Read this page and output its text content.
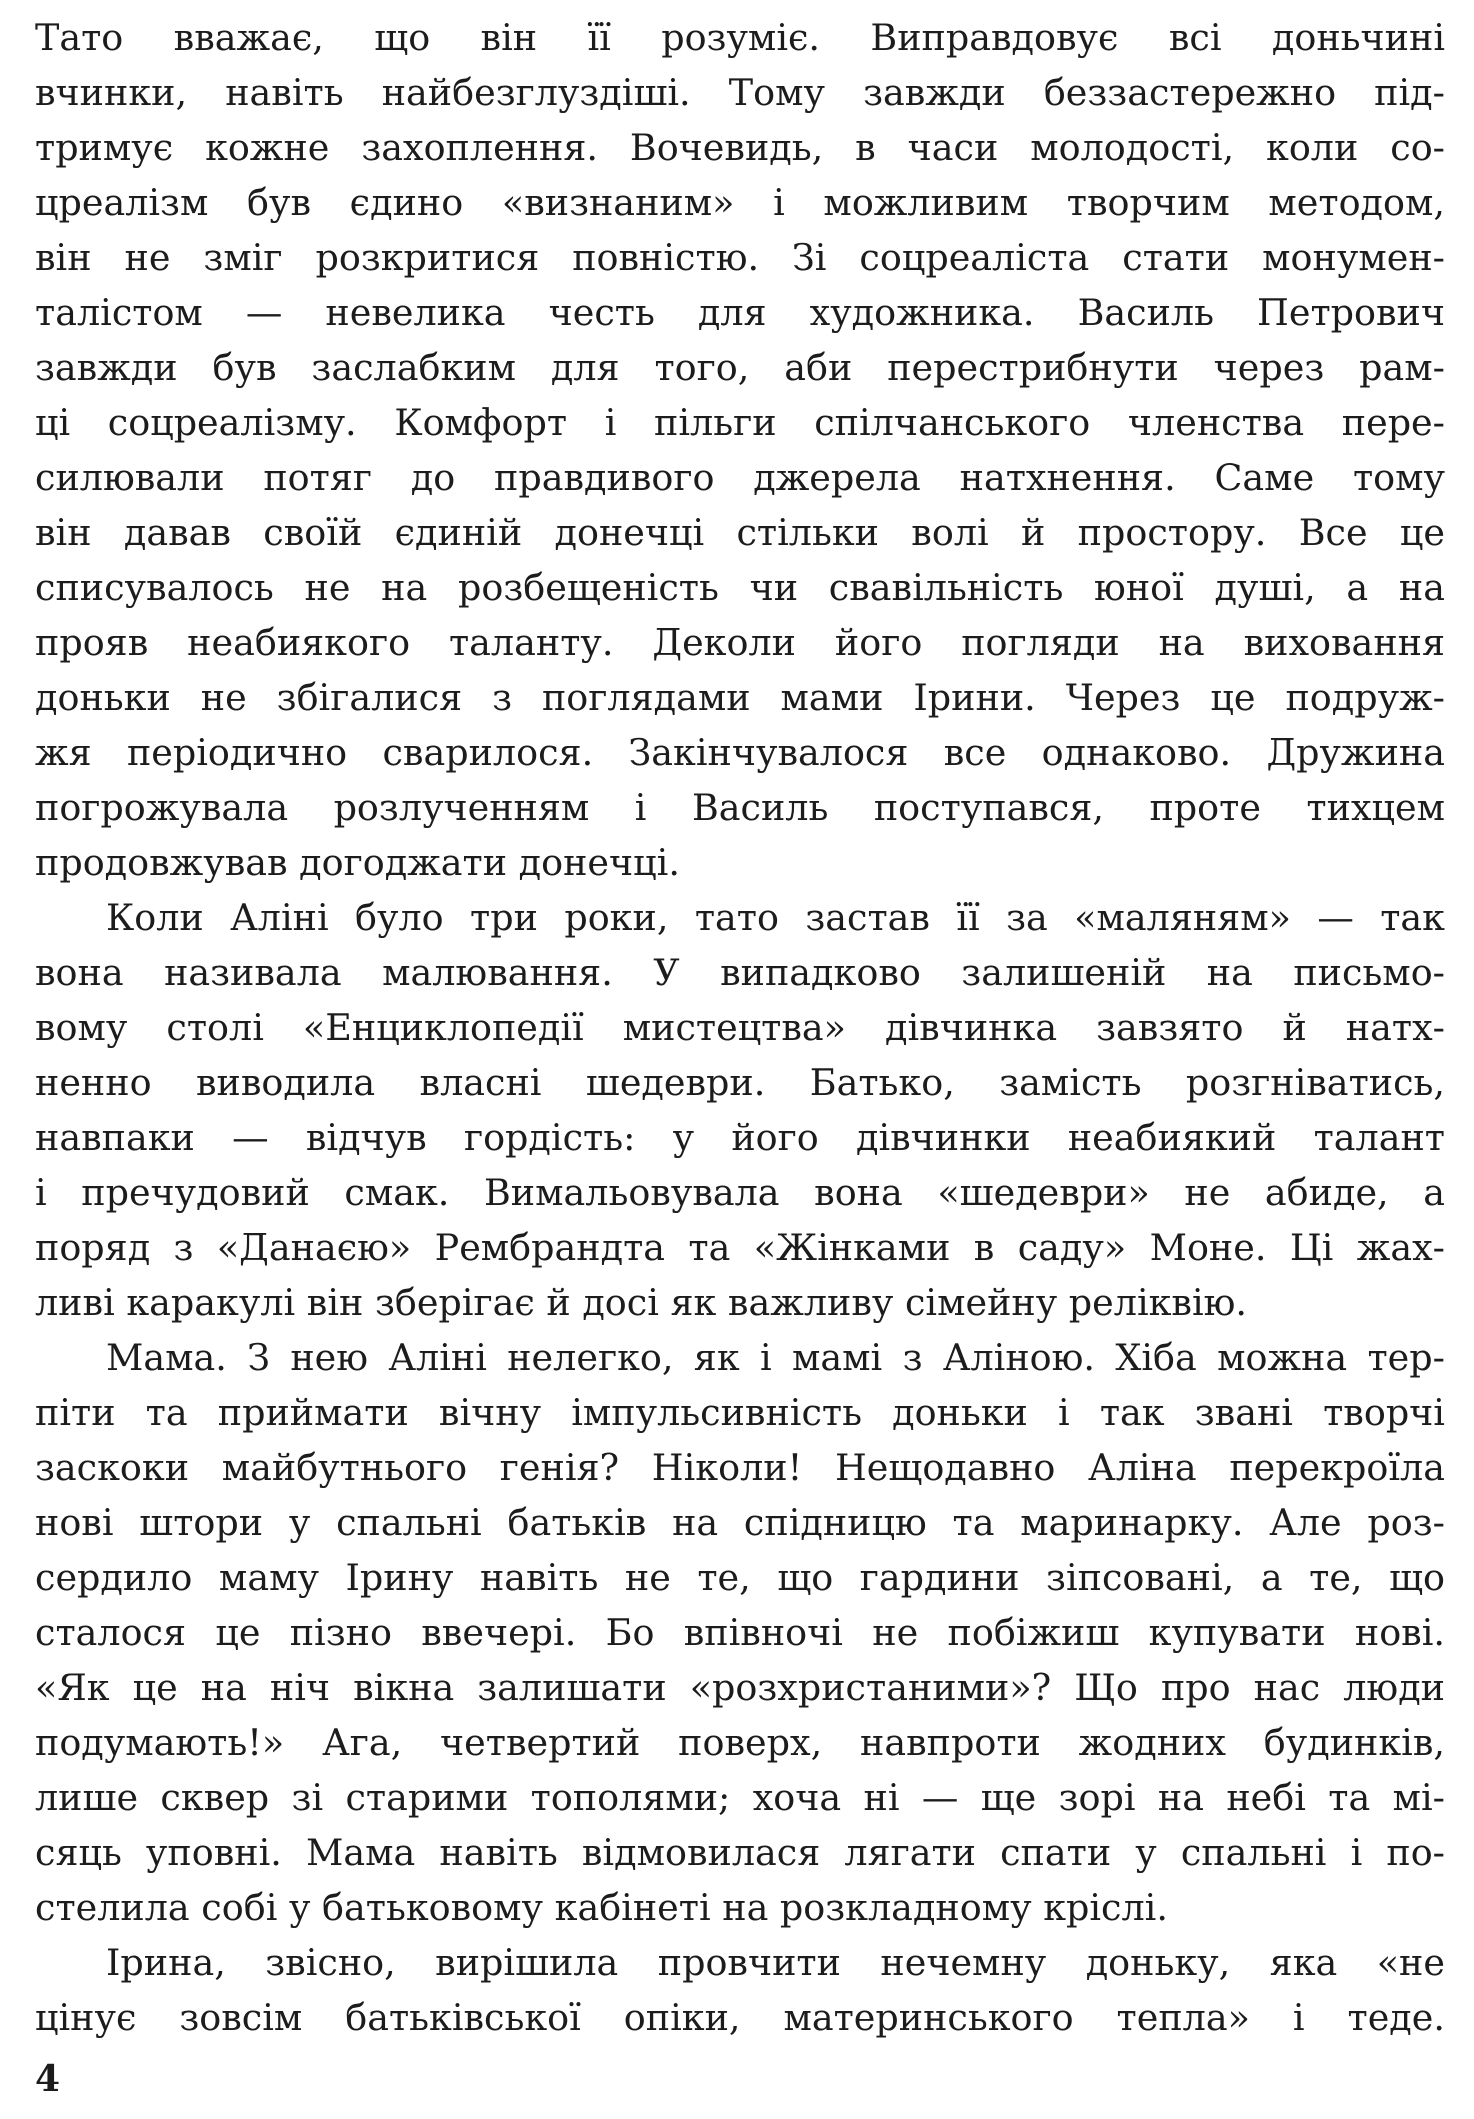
Тато вважає, що він її розуміє. Виправдовує всі доньчині
вчинки, навіть найбезглуздіші. Тому завжди беззастережно під-
тримує кожне захоплення. Вочевидь, в часи молодості, коли со-
цреалізм був єдино «визнаним» і можливим творчим методом,
він не зміг розкритися повністю. Зі соцреаліста стати монумен-
талістом — невелика честь для художника. Василь Петрович
завжди був заслабким для того, аби перестрибнути через рам-
ці соцреалізму. Комфорт і пільги спілчанського членства пере-
силювали потяг до правдивого джерела натхнення. Саме тому
він давав своїй єдиній донечці стільки волі й простору. Все це
списувалось не на розбещеність чи свавільність юної душі, а на
прояв неабиякого таланту. Деколи його погляди на виховання
доньки не збігалися з поглядами мами Ірини. Через це подруж-
жя періодично сварилося. Закінчувалося все однаково. Дружина
погрожувала розлученням і Василь поступався, проте тихцем
продовжував догоджати донечці.
Коли Аліні було три роки, тато застав її за «маляням» — так
вона називала малювання. У випадково залишеній на письмо-
вому столі «Енциклопедії мистецтва» дівчинка завзято й натх-
ненно виводила власні шедеври. Батько, замість розгніватись,
навпаки — відчув гордість: у його дівчинки неабиякий талант
і пречудовий смак. Вимальовувала вона «шедеври» не абиде, а
поряд з «Данаєю» Рембрандта та «Жінками в саду» Моне. Ці жах-
ливі каракулі він зберігає й досі як важливу сімейну реліквію.
Мама. З нею Аліні нелегко, як і мамі з Аліною. Хіба можна тер-
піти та приймати вічну імпульсивність доньки і так звані творчі
заскоки майбутнього генія? Ніколи! Нещодавно Аліна перекроїла
нові штори у спальні батьків на спідницю та маринарку. Але роз-
сердило маму Ірину навіть не те, що гардини зіпсовані, а те, що
сталося це пізно ввечері. Бо впівночі не побіжиш купувати нові.
«Як це на ніч вікна залишати «розхристаними»? Що про нас люди
подумають!» Ага, четвертий поверх, навпроти жодних будинків,
лише сквер зі старими тополями; хоча ні — ще зорі на небі та мі-
сяць уповні. Мама навіть відмовилася лягати спати у спальні і по-
стелила собі у батьковому кабінеті на розкладному кріслі.
Ірина, звісно, вирішила провчити нечемну доньку, яка «не
цінує зовсім батьківської опіки, материнського тепла» і теде.
4
